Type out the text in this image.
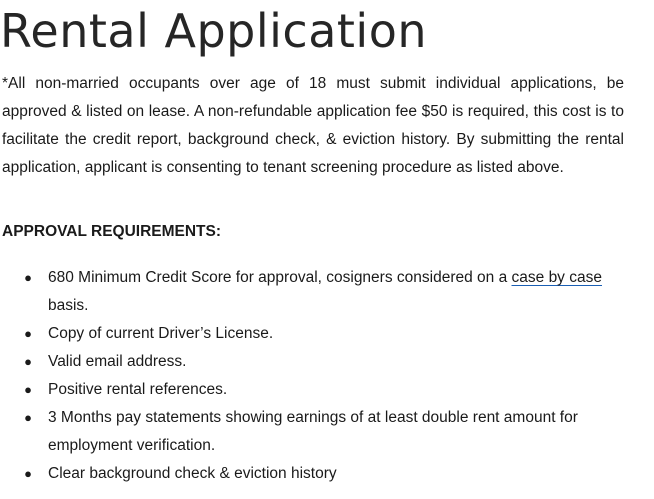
Rental Application

*All non-married occupants over age of 18 must submit individual applications, be approved & listed on lease. A non-refundable application fee $50 is required, this cost is to facilitate the credit report, background check, & eviction history. By submitting the rental application, applicant is consenting to tenant screening procedure as listed above.

APPROVAL REQUIREMENTS:

● 680 Minimum Credit Score for approval, cosigners considered on a case by case basis.
● Copy of current Driver’s License.
● Valid email address.
● Positive rental references.
● 3 Months pay statements showing earnings of at least double rent amount for employment verification.
● Clear background check & eviction history
